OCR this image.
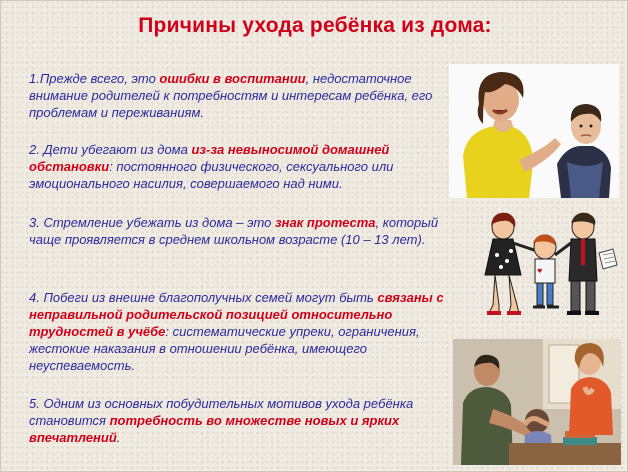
Причины ухода ребёнка из дома:
1.Прежде всего, это ошибки в воспитании, недостаточное внимание родителей к потребностям и интересам ребёнка, его проблемам и переживаниям.
2. Дети убегают из дома из-за невыносимой домашней обстановки: постоянного физического, сексуального или эмоционального насилия, совершаемого над ними.
3. Стремление убежать из дома – это знак протеста, который чаще проявляется в среднем школьном возрасте (10 – 13 лет).
4. Побеги из внешне благополучных семей могут быть связаны с неправильной родительской позицией относительно трудностей в учёбе: систематические упреки, ограничения, жестокие наказания в отношении ребёнка, имеющего неуспеваемость.
5. Одним из основных побудительных мотивов ухода ребёнка становится потребность во множестве новых и ярких впечатлений.
♥
